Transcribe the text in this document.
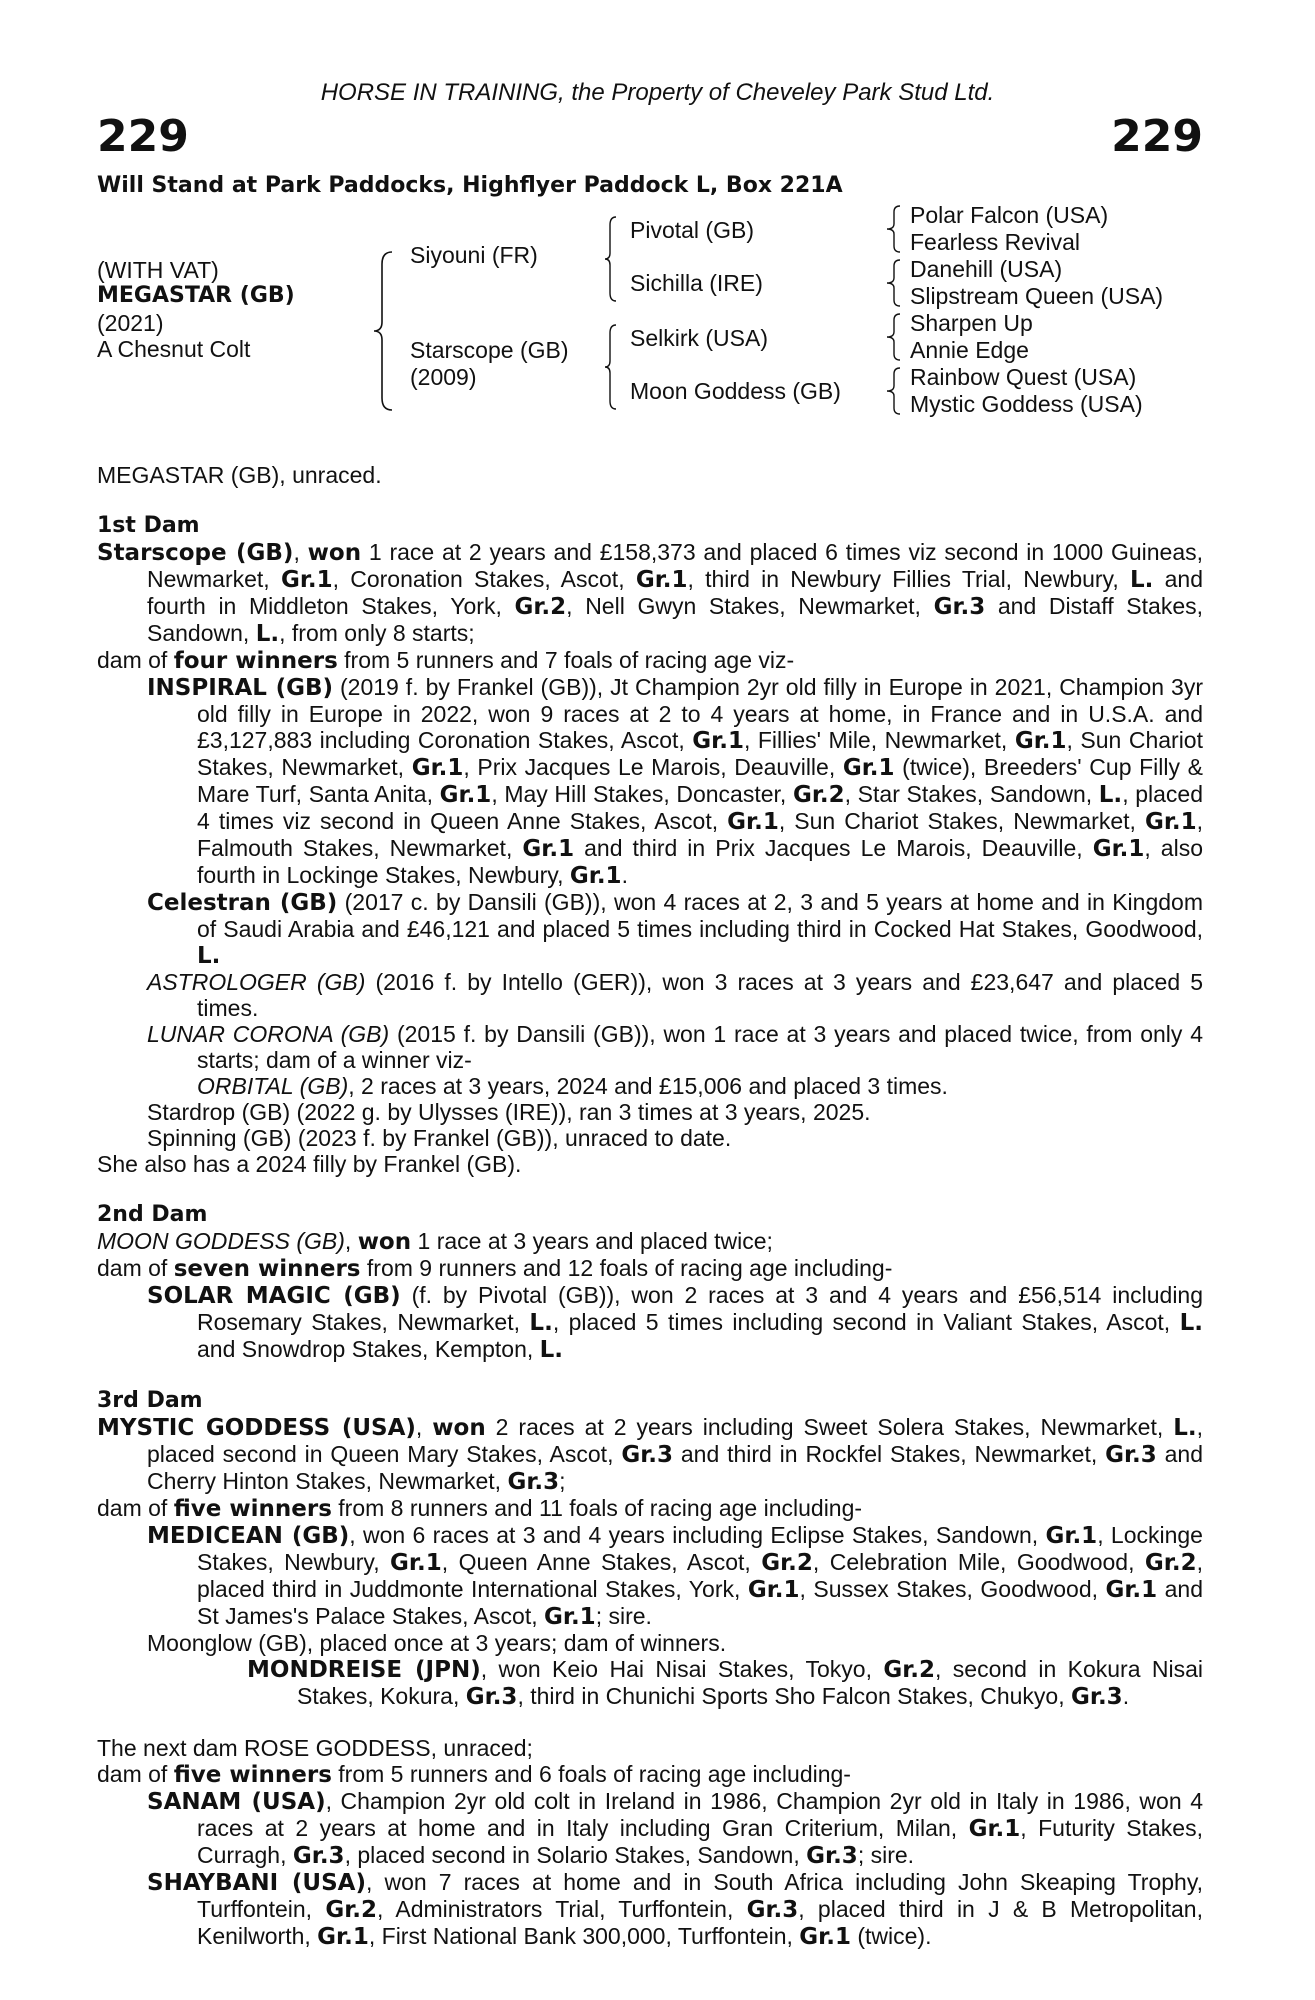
HORSE IN TRAINING, the Property of Cheveley Park Stud Ltd.
229	229
Will Stand at Park Paddocks, Highflyer Paddock L, Box 221A
(WITH VAT)
MEGASTAR (GB)
(2021)
A Chesnut Colt
Siyouni (FR)
Starscope (GB)
(2009)
Pivotal (GB)
Sichilla (IRE)
Selkirk (USA)
Moon Goddess (GB)
Polar Falcon (USA)
Fearless Revival
Danehill (USA)
Slipstream Queen (USA)
Sharpen Up
Annie Edge
Rainbow Quest (USA)
Mystic Goddess (USA)

MEGASTAR (GB), unraced.

1st Dam

Starscope (GB), won 1 race at 2 years and £158,373 and placed 6 times viz second in 1000 Guineas, Newmarket, Gr.1, Coronation Stakes, Ascot, Gr.1, third in Newbury Fillies Trial, Newbury, L. and fourth in Middleton Stakes, York, Gr.2, Nell Gwyn Stakes, Newmarket, Gr.3 and Distaff Stakes, Sandown, L., from only 8 starts;

dam of four winners from 5 runners and 7 foals of racing age viz-

INSPIRAL (GB) (2019 f. by Frankel (GB)), Jt Champion 2yr old filly in Europe in 2021, Champion 3yr old filly in Europe in 2022, won 9 races at 2 to 4 years at home, in France and in U.S.A. and £3,127,883 including Coronation Stakes, Ascot, Gr.1, Fillies' Mile, Newmarket, Gr.1, Sun Chariot Stakes, Newmarket, Gr.1, Prix Jacques Le Marois, Deauville, Gr.1 (twice), Breeders' Cup Filly & Mare Turf, Santa Anita, Gr.1, May Hill Stakes, Doncaster, Gr.2, Star Stakes, Sandown, L., placed 4 times viz second in Queen Anne Stakes, Ascot, Gr.1, Sun Chariot Stakes, Newmarket, Gr.1, Falmouth Stakes, Newmarket, Gr.1 and third in Prix Jacques Le Marois, Deauville, Gr.1, also fourth in Lockinge Stakes, Newbury, Gr.1.

Celestran (GB) (2017 c. by Dansili (GB)), won 4 races at 2, 3 and 5 years at home and in Kingdom of Saudi Arabia and £46,121 and placed 5 times including third in Cocked Hat Stakes, Goodwood, L.

ASTROLOGER (GB) (2016 f. by Intello (GER)), won 3 races at 3 years and £23,647 and placed 5 times.

LUNAR CORONA (GB) (2015 f. by Dansili (GB)), won 1 race at 3 years and placed twice, from only 4 starts; dam of a winner viz-

ORBITAL (GB), 2 races at 3 years, 2024 and £15,006 and placed 3 times.

Stardrop (GB) (2022 g. by Ulysses (IRE)), ran 3 times at 3 years, 2025.

Spinning (GB) (2023 f. by Frankel (GB)), unraced to date.

She also has a 2024 filly by Frankel (GB).

2nd Dam

MOON GODDESS (GB), won 1 race at 3 years and placed twice;

dam of seven winners from 9 runners and 12 foals of racing age including-

SOLAR MAGIC (GB) (f. by Pivotal (GB)), won 2 races at 3 and 4 years and £56,514 including Rosemary Stakes, Newmarket, L., placed 5 times including second in Valiant Stakes, Ascot, L. and Snowdrop Stakes, Kempton, L.

3rd Dam

MYSTIC GODDESS (USA), won 2 races at 2 years including Sweet Solera Stakes, Newmarket, L., placed second in Queen Mary Stakes, Ascot, Gr.3 and third in Rockfel Stakes, Newmarket, Gr.3 and Cherry Hinton Stakes, Newmarket, Gr.3;

dam of five winners from 8 runners and 11 foals of racing age including-

MEDICEAN (GB), won 6 races at 3 and 4 years including Eclipse Stakes, Sandown, Gr.1, Lockinge Stakes, Newbury, Gr.1, Queen Anne Stakes, Ascot, Gr.2, Celebration Mile, Goodwood, Gr.2, placed third in Juddmonte International Stakes, York, Gr.1, Sussex Stakes, Goodwood, Gr.1 and St James's Palace Stakes, Ascot, Gr.1; sire.

Moonglow (GB), placed once at 3 years; dam of winners.

MONDREISE (JPN), won Keio Hai Nisai Stakes, Tokyo, Gr.2, second in Kokura Nisai Stakes, Kokura, Gr.3, third in Chunichi Sports Sho Falcon Stakes, Chukyo, Gr.3.

The next dam ROSE GODDESS, unraced;

dam of five winners from 5 runners and 6 foals of racing age including-

SANAM (USA), Champion 2yr old colt in Ireland in 1986, Champion 2yr old in Italy in 1986, won 4 races at 2 years at home and in Italy including Gran Criterium, Milan, Gr.1, Futurity Stakes, Curragh, Gr.3, placed second in Solario Stakes, Sandown, Gr.3; sire.

SHAYBANI (USA), won 7 races at home and in South Africa including John Skeaping Trophy, Turffontein, Gr.2, Administrators Trial, Turffontein, Gr.3, placed third in J & B Metropolitan, Kenilworth, Gr.1, First National Bank 300,000, Turffontein, Gr.1 (twice).
